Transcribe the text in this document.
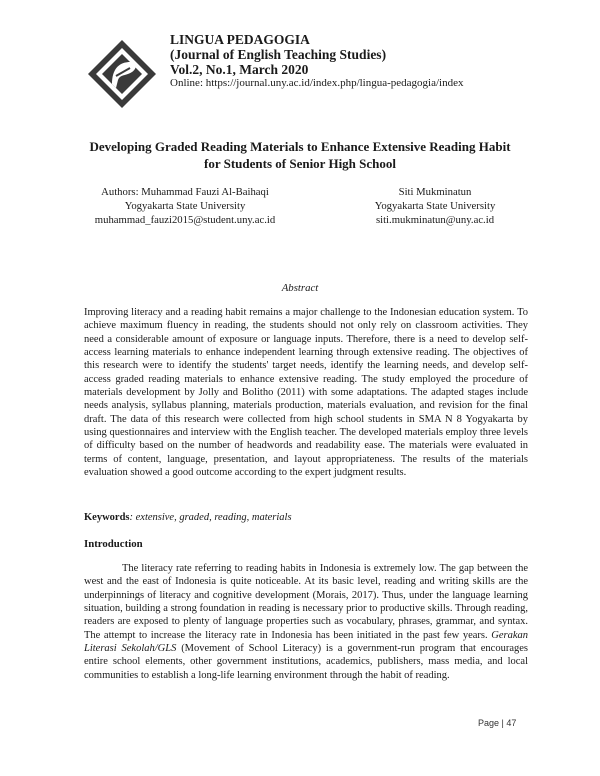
LINGUA PEDAGOGIA
(Journal of English Teaching Studies)
Vol.2, No.1, March 2020
Online: https://journal.uny.ac.id/index.php/lingua-pedagogia/index
Developing Graded Reading Materials to Enhance Extensive Reading Habit
for Students of Senior High School
Authors: Muhammad Fauzi Al-Baihaqi
Yogyakarta State University
muhammad_fauzi2015@student.uny.ac.id
Siti Mukminatun
Yogyakarta State University
siti.mukminatun@uny.ac.id
Abstract
Improving literacy and a reading habit remains a major challenge to the Indonesian education system. To achieve maximum fluency in reading, the students should not only rely on classroom activities. They need a considerable amount of exposure or language inputs. Therefore, there is a need to develop self-access learning materials to enhance independent learning through extensive reading. The objectives of this research were to identify the students' target needs, identify the learning needs, and develop self-access graded reading materials to enhance extensive reading. The study employed the procedure of materials development by Jolly and Bolitho (2011) with some adaptations. The adapted stages include needs analysis, syllabus planning, materials production, materials evaluation, and revision for the final draft. The data of this research were collected from high school students in SMA N 8 Yogyakarta by using questionnaires and interview with the English teacher. The developed materials employ three levels of difficulty based on the number of headwords and readability ease. The materials were evaluated in terms of content, language, presentation, and layout appropriateness. The results of the materials evaluation showed a good outcome according to the expert judgment results.
Keywords: extensive, graded, reading, materials
Introduction
The literacy rate referring to reading habits in Indonesia is extremely low. The gap between the west and the east of Indonesia is quite noticeable. At its basic level, reading and writing skills are the underpinnings of literacy and cognitive development (Morais, 2017). Thus, under the language learning situation, building a strong foundation in reading is necessary prior to productive skills. Through reading, readers are exposed to plenty of language properties such as vocabulary, phrases, grammar, and syntax. The attempt to increase the literacy rate in Indonesia has been initiated in the past few years. Gerakan Literasi Sekolah/GLS (Movement of School Literacy) is a government-run program that encourages entire school elements, other government institutions, academics, publishers, mass media, and local communities to establish a long-life learning environment through the habit of reading.
Page | 47
